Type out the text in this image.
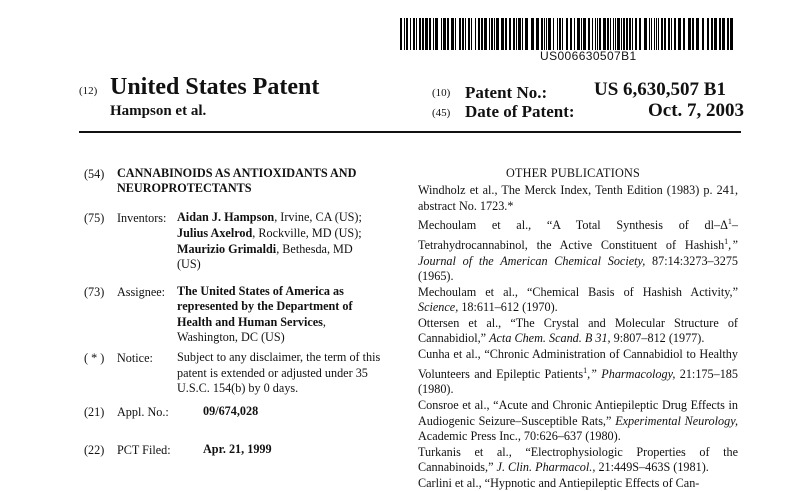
US006630507B1
(12) United States Patent
Hampson et al.
(10) Patent No.: US 6,630,507 B1
(45) Date of Patent:	Oct. 7, 2003
(54) CANNABINOIDS AS ANTIOXIDANTS AND
NEUROPROTECTANTS
(75) Inventors: Aidan J. Hampson, Irvine, CA (US);
Julius Axelrod, Rockville, MD (US);
Maurizio Grimaldi, Bethesda, MD
(US)
(73) Assignee: The United States of America as
represented by the Department of
Health and Human Services,
Washington, DC (US)
( * ) Notice: Subject to any disclaimer, the term of this
patent is extended or adjusted under 35
U.S.C. 154(b) by 0 days.
(21) Appl. No.:	09/674,028
(22) PCT Filed:	Apr. 21, 1999
OTHER PUBLICATIONS

Windholz et al., The Merck Index, Tenth Edition (1983) p. 241, abstract No. 1723.*

Mechoulam et al., “A Total Synthesis of $dl-\Delta^1$–Tetrahydrocannabinol, the Active Constituent of Hashish$^1$,” Journal of the American Chemical Society, 87:14:3273–3275 (1965).

Mechoulam et al., “Chemical Basis of Hashish Activity,” Science, 18:611–612 (1970).

Ottersen et al., “The Crystal and Molecular Structure of Cannabidiol,” Acta Chem. Scand. B 31, 9:807–812 (1977).

Cunha et al., “Chronic Administration of Cannabidiol to Healthy Volunteers and Epileptic Patients$^1$,” Pharmacology, 21:175–185 (1980).

Consroe et al., “Acute and Chronic Antiepileptic Drug Effects in Audiogenic Seizure–Susceptible Rats,” Experimental Neurology, Academic Press Inc., 70:626–637 (1980).

Turkanis et al., “Electrophysiologic Properties of the Cannabinoids,” J. Clin. Pharmacol., 21:449S–463S (1981).

Carlini et al., “Hypnotic and Antiepileptic Effects of Can-
